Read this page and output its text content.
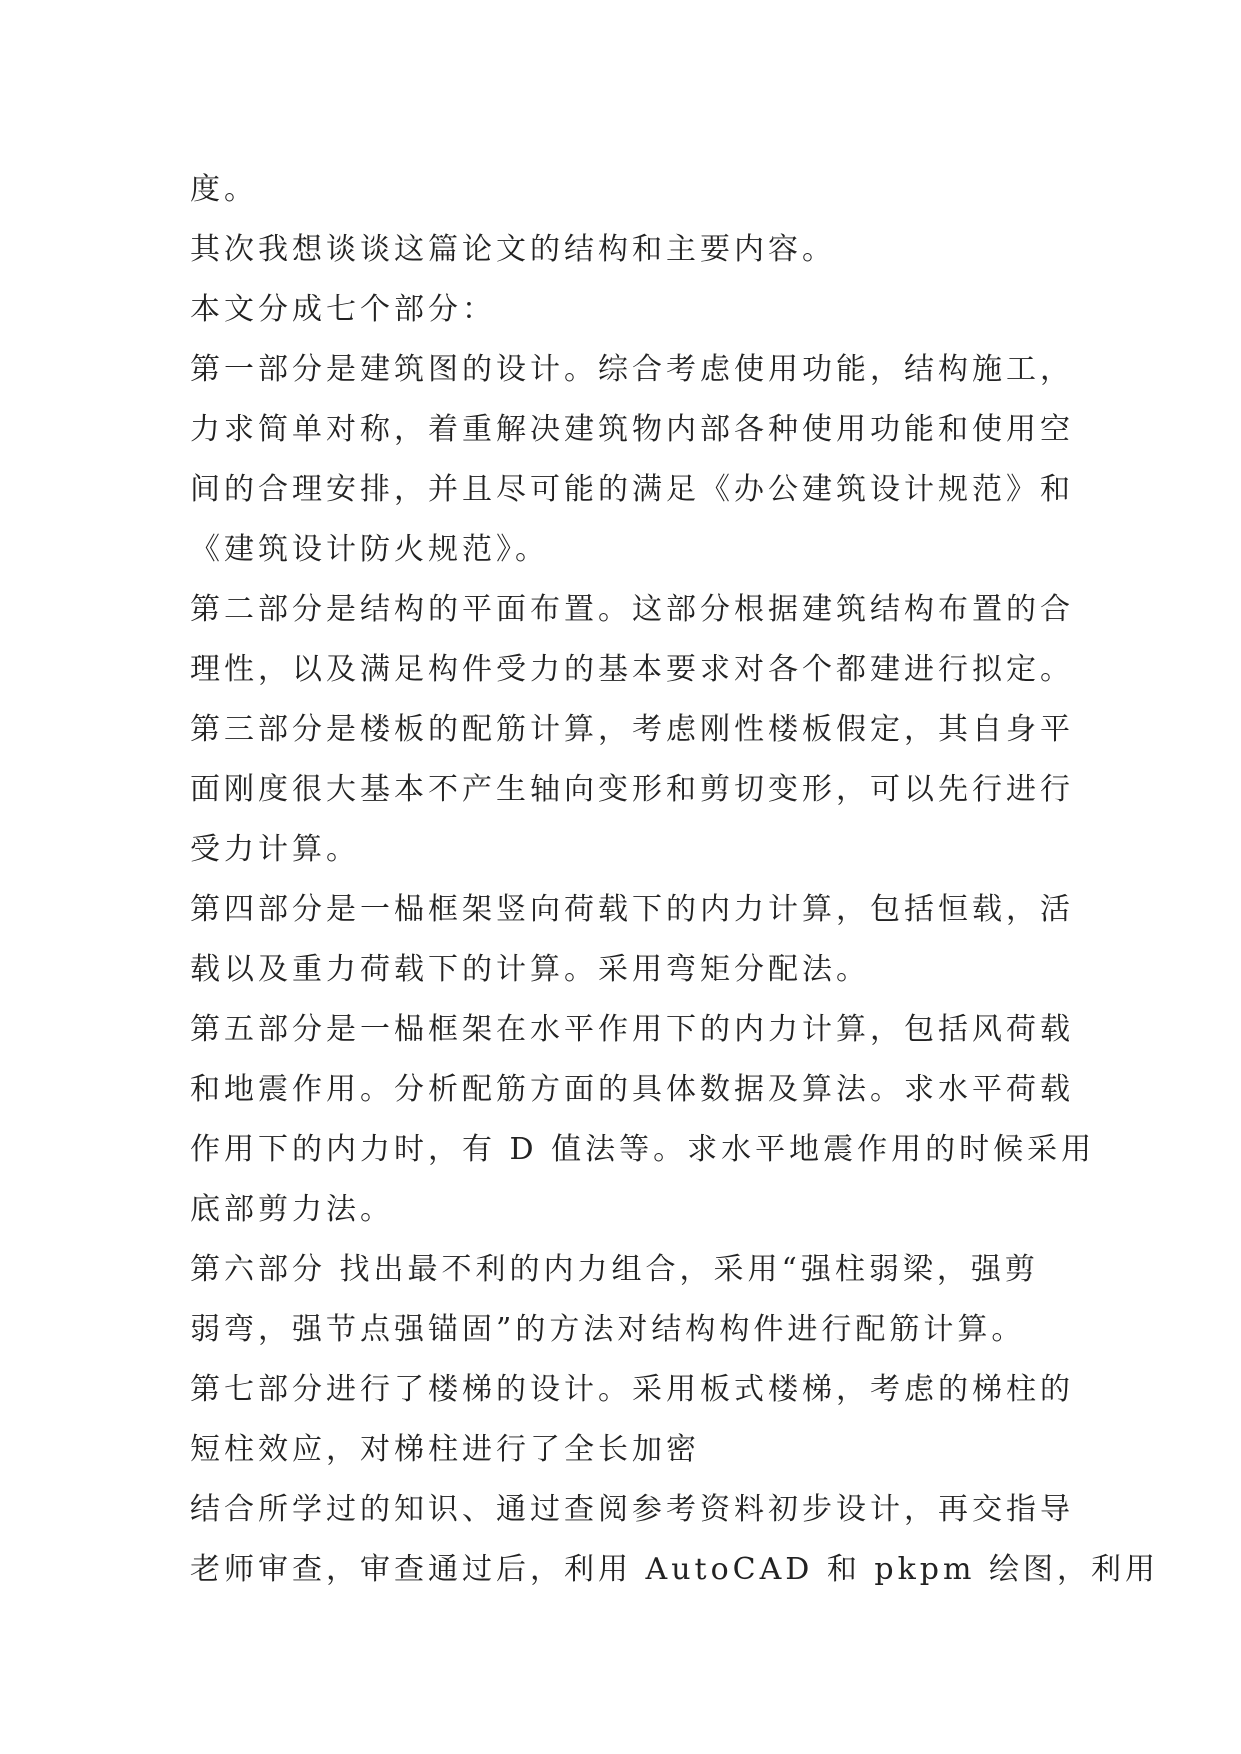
度。
其次我想谈谈这篇论文的结构和主要内容。
本文分成七个部分：
第一部分是建筑图的设计。综合考虑使用功能，结构施工，
力求简单对称，着重解决建筑物内部各种使用功能和使用空
间的合理安排，并且尽可能的满足《办公建筑设计规范》和
《建筑设计防火规范》。
第二部分是结构的平面布置。这部分根据建筑结构布置的合
理性，以及满足构件受力的基本要求对各个都建进行拟定。
第三部分是楼板的配筋计算，考虑刚性楼板假定，其自身平
面刚度很大基本不产生轴向变形和剪切变形，可以先行进行
受力计算。
第四部分是一榀框架竖向荷载下的内力计算，包括恒载，活
载以及重力荷载下的计算。采用弯矩分配法。
第五部分是一榀框架在水平作用下的内力计算，包括风荷载
和地震作用。分析配筋方面的具体数据及算法。求水平荷载
作用下的内力时，有 D 值法等。求水平地震作用的时候采用
底部剪力法。
第六部分 找出最不利的内力组合，采用“强柱弱梁，强剪
弱弯，强节点强锚固”的方法对结构构件进行配筋计算。
第七部分进行了楼梯的设计。采用板式楼梯，考虑的梯柱的
短柱效应，对梯柱进行了全长加密
结合所学过的知识、通过查阅参考资料初步设计，再交指导
老师审查，审查通过后，利用 AutoCAD 和 pkpm 绘图，利用
